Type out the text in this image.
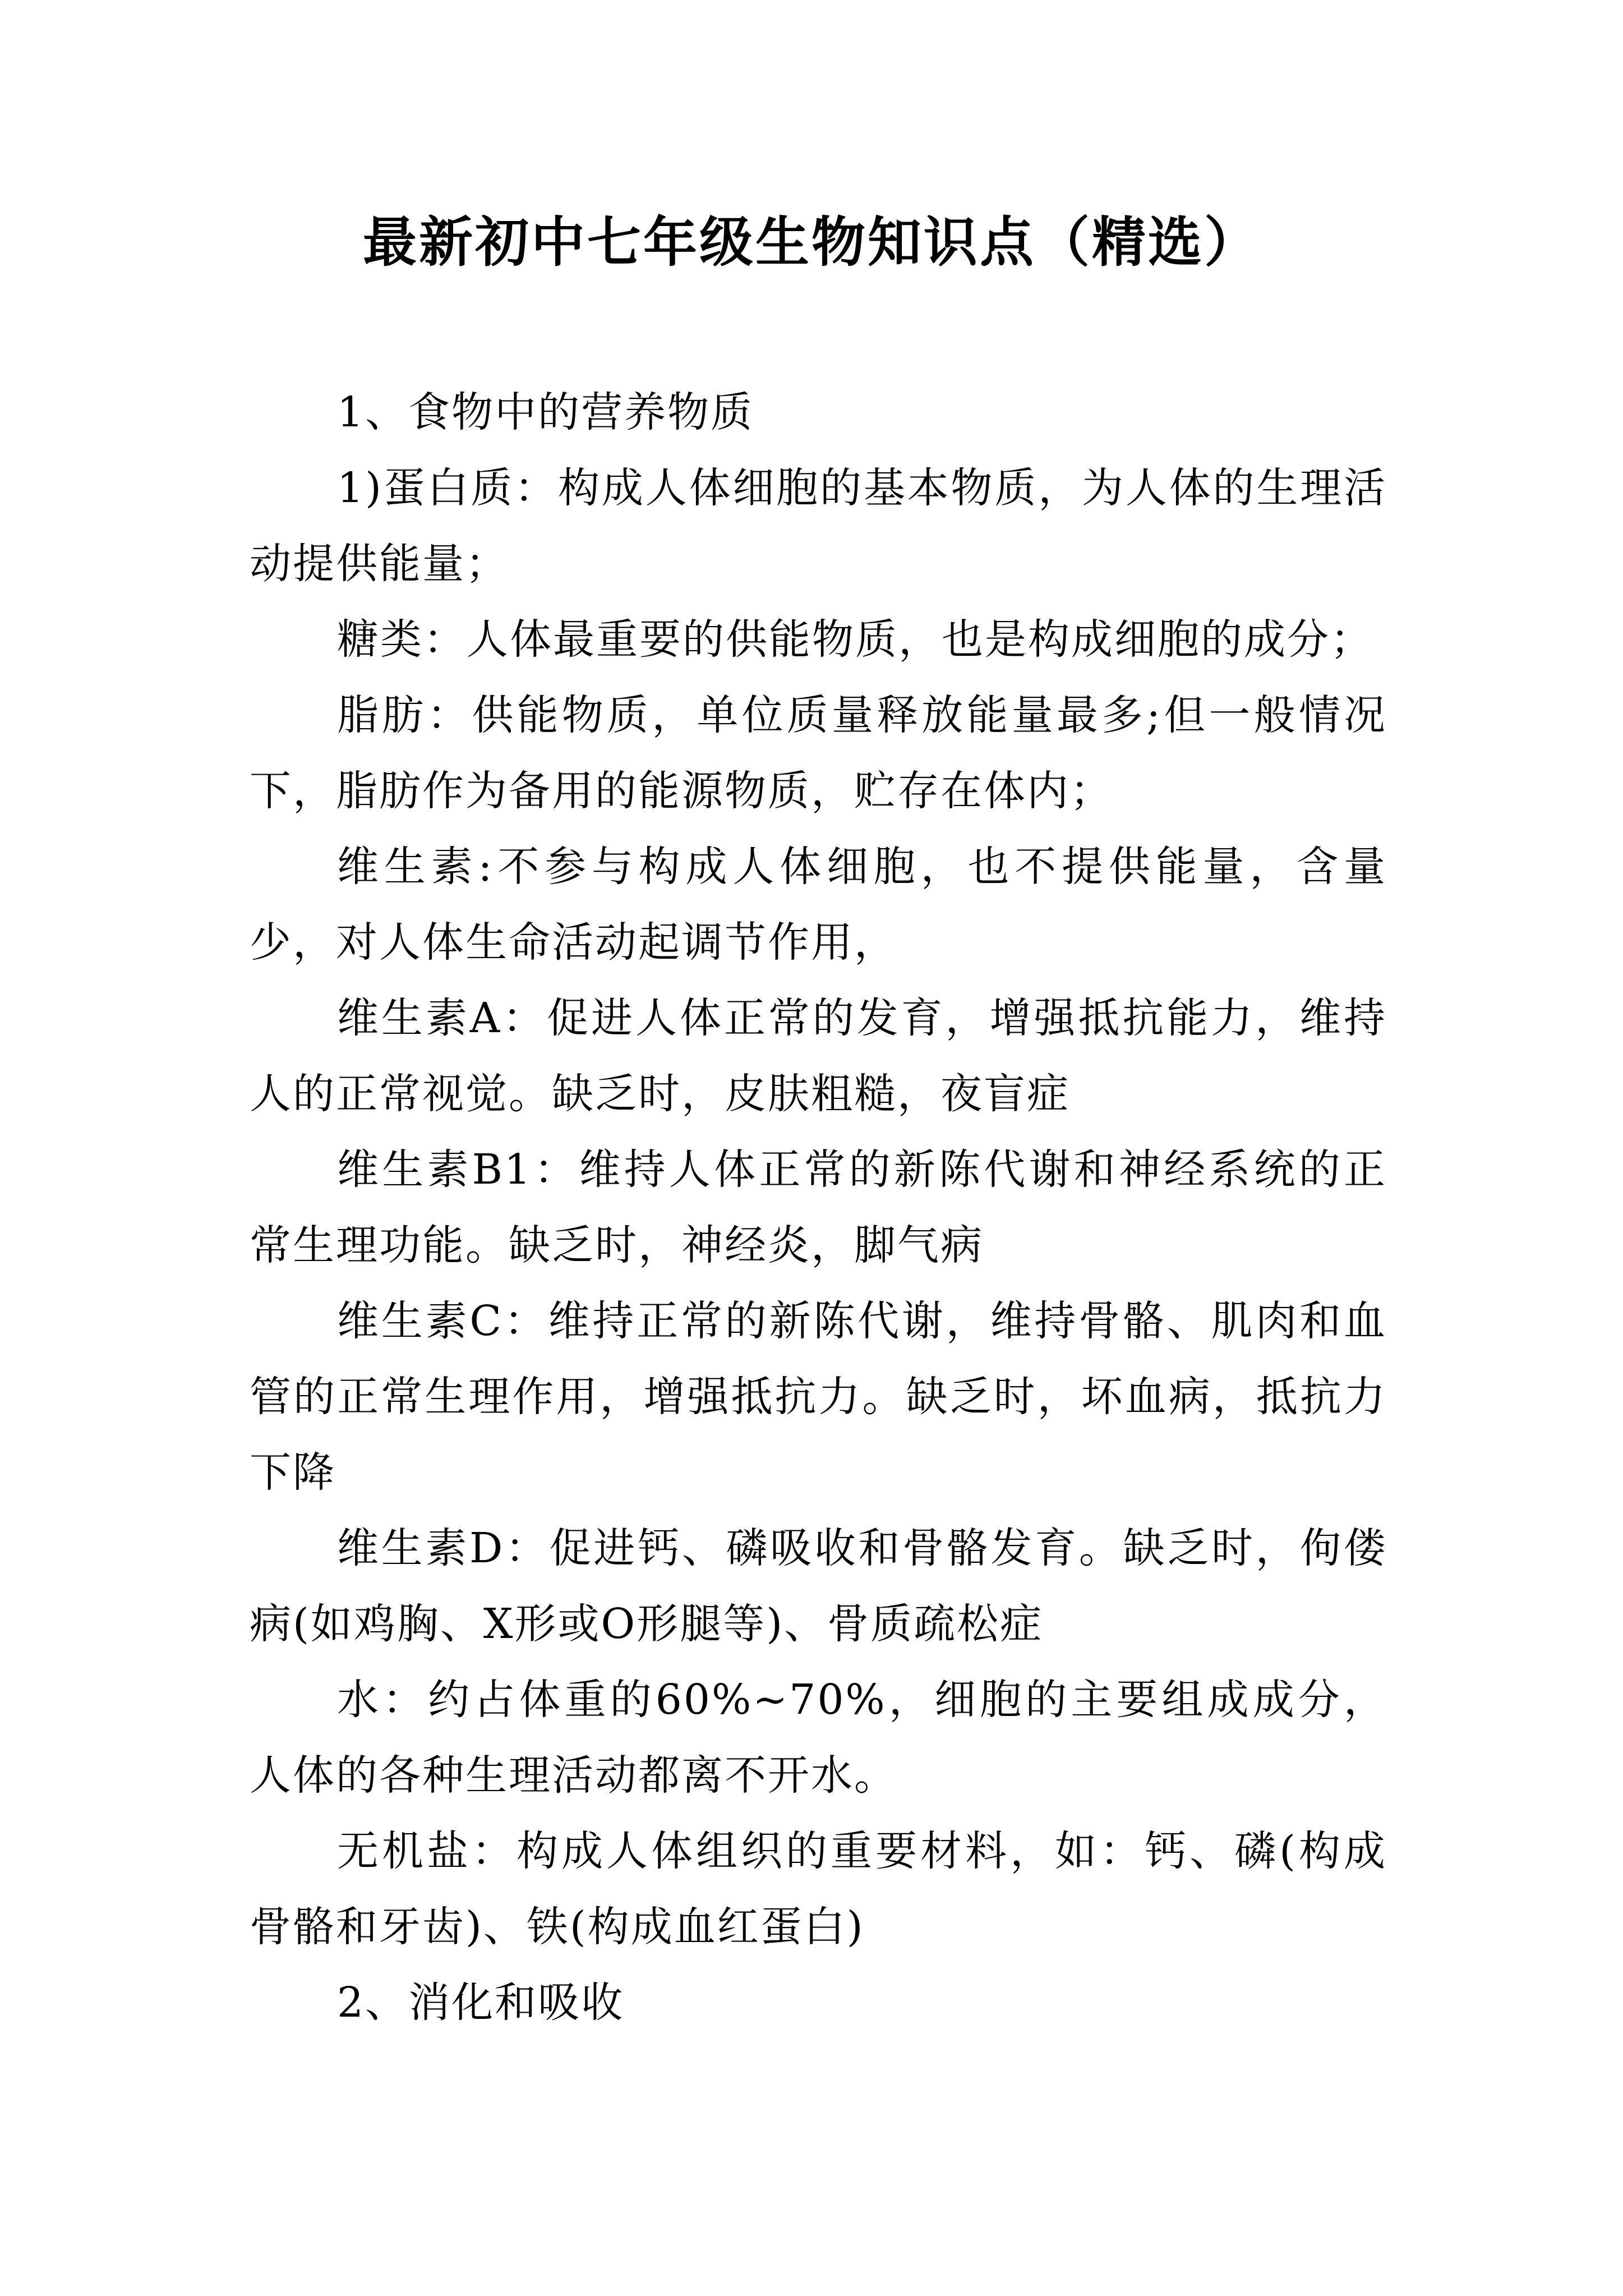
最新初中七年级生物知识点（精选）

1、食物中的营养物质

1)蛋白质：构成人体细胞的基本物质，为人体的生理活动提供能量；

糖类：人体最重要的供能物质，也是构成细胞的成分；

脂肪：供能物质，单位质量释放能量最多;但一般情况下，脂肪作为备用的能源物质，贮存在体内；

维生素:不参与构成人体细胞，也不提供能量，含量少，对人体生命活动起调节作用，

维生素A：促进人体正常的发育，增强抵抗能力，维持人的正常视觉。缺乏时，皮肤粗糙，夜盲症

维生素B1：维持人体正常的新陈代谢和神经系统的正常生理功能。缺乏时，神经炎，脚气病

维生素C：维持正常的新陈代谢，维持骨骼、肌肉和血管的正常生理作用，增强抵抗力。缺乏时，坏血病，抵抗力下降

维生素D：促进钙、磷吸收和骨骼发育。缺乏时，佝偻病(如鸡胸、X形或O形腿等)、骨质疏松症

水：约占体重的60%~70%，细胞的主要组成成分，人体的各种生理活动都离不开水。

无机盐：构成人体组织的重要材料，如：钙、磷(构成骨骼和牙齿)、铁(构成血红蛋白)

2、消化和吸收
